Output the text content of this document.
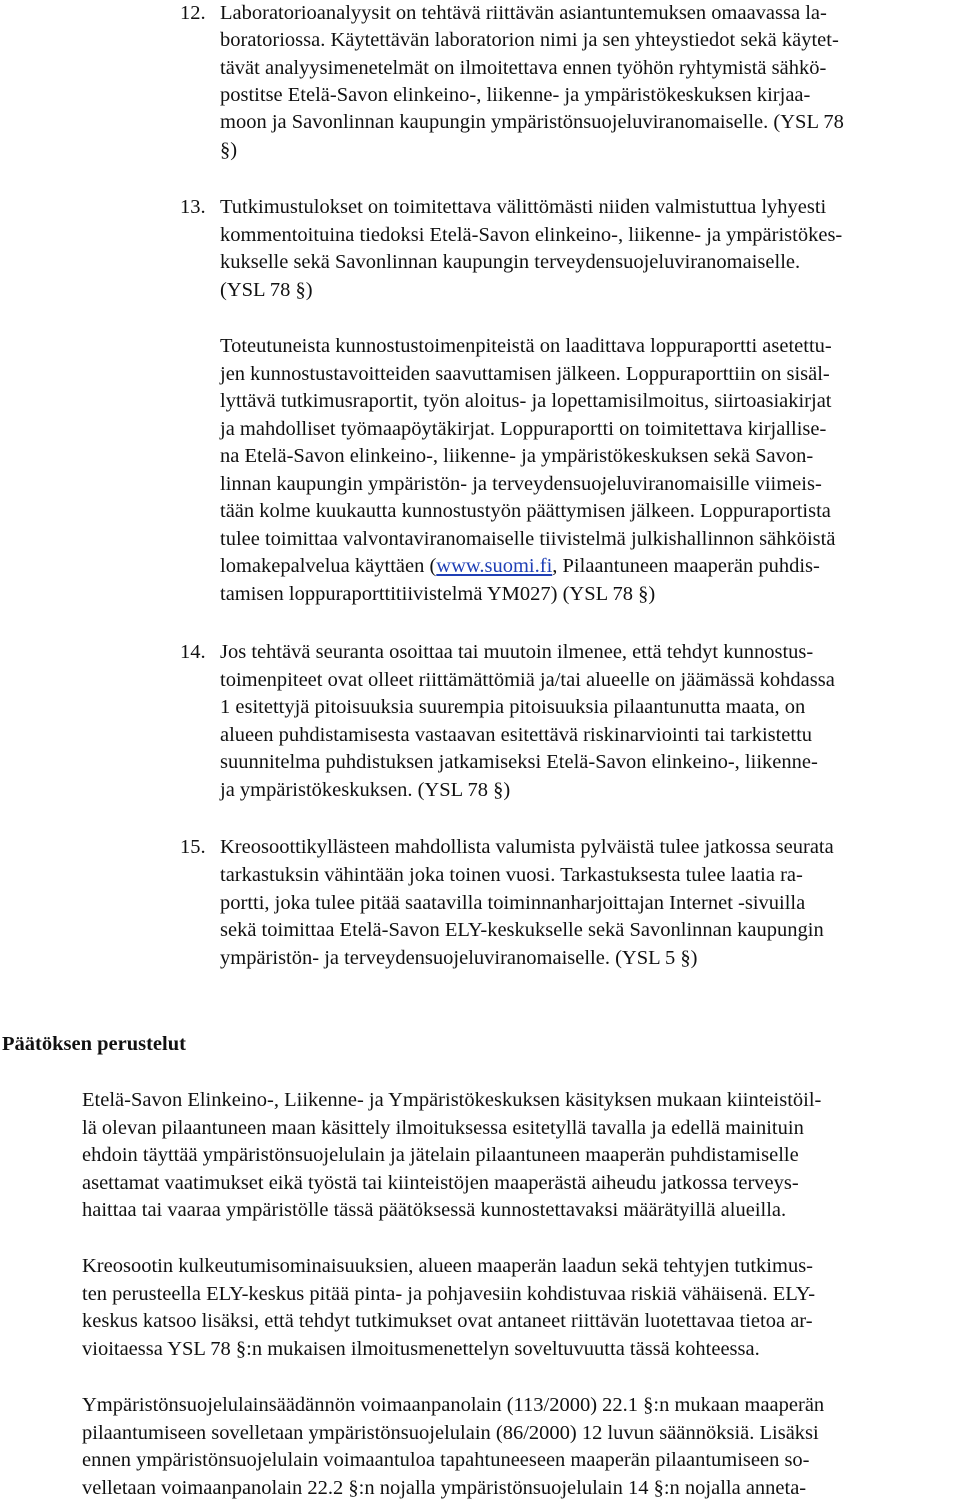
12. Laboratorioanalyysit on tehtävä riittävän asiantuntemuksen omaavassa la-
boratoriossa. Käytettävän laboratorion nimi ja sen yhteystiedot sekä käytet-
tävät analyysimenetelmät on ilmoitettava ennen työhön ryhtymistä sähkö-
postitse Etelä-Savon elinkeino-, liikenne- ja ympäristökeskuksen kirjaa-
moon ja Savonlinnan kaupungin ympäristönsuojeluviranomaiselle. (YSL 78
§)
13. Tutkimustulokset on toimitettava välittömästi niiden valmistuttua lyhyesti
kommentoituina tiedoksi Etelä-Savon elinkeino-, liikenne- ja ympäristökes-
kukselle sekä Savonlinnan kaupungin terveydensuojeluviranomaiselle.
(YSL 78 §)
Toteutuneista kunnostustoimenpiteistä on laadittava loppuraportti asetettu-
jen kunnostustavoitteiden saavuttamisen jälkeen. Loppuraporttiin on sisäl-
lyttävä tutkimusraportit, työn aloitus- ja lopettamisilmoitus, siirtoasiakirjat
ja mahdolliset työmaapöytäkirjat. Loppuraportti on toimitettava kirjallise-
na Etelä-Savon elinkeino-, liikenne- ja ympäristökeskuksen sekä Savon-
linnan kaupungin ympäristön- ja terveydensuojeluviranomaisille viimeis-
tään kolme kuukautta kunnostustyön päättymisen jälkeen. Loppuraportista
tulee toimittaa valvontaviranomaiselle tiivistelmä julkishallinnon sähköistä
lomakepalvelua käyttäen (www.suomi.fi, Pilaantuneen maaperän puhdis-
tamisen loppuraporttitiivistelmä YM027) (YSL 78 §)
14. Jos tehtävä seuranta osoittaa tai muutoin ilmenee, että tehdyt kunnostus-
toimenpiteet ovat olleet riittämättömiä ja/tai alueelle on jäämässä kohdassa
1 esitettyjä pitoisuuksia suurempia pitoisuuksia pilaantunutta maata, on
alueen puhdistamisesta vastaavan esitettävä riskinarviointi tai tarkistettu
suunnitelma puhdistuksen jatkamiseksi Etelä-Savon elinkeino-, liikenne-
ja ympäristökeskuksen. (YSL 78 §)
15. Kreosoottikyllästeen mahdollista valumista pylväistä tulee jatkossa seurata
tarkastuksin vähintään joka toinen vuosi. Tarkastuksesta tulee laatia ra-
portti, joka tulee pitää saatavilla toiminnanharjoittajan Internet -sivuilla
sekä toimittaa Etelä-Savon ELY-keskukselle sekä Savonlinnan kaupungin
ympäristön- ja terveydensuojeluviranomaiselle. (YSL 5 §)
Päätöksen perustelut
Etelä-Savon Elinkeino-, Liikenne- ja Ympäristökeskuksen käsityksen mukaan kiinteistöil-
lä olevan pilaantuneen maan käsittely ilmoituksessa esitetyllä tavalla ja edellä mainituin
ehdoin täyttää ympäristönsuojelulain ja jätelain pilaantuneen maaperän puhdistamiselle
asettamat vaatimukset eikä työstä tai kiinteistöjen maaperästä aiheudu jatkossa terveys-
haittaa tai vaaraa ympäristölle tässä päätöksessä kunnostettavaksi määrätyillä alueilla.
Kreosootin kulkeutumisominaisuuksien, alueen maaperän laadun sekä tehtyjen tutkimus-
ten perusteella ELY-keskus pitää pinta- ja pohjavesiin kohdistuvaa riskiä vähäisenä. ELY-
keskus katsoo lisäksi, että tehdyt tutkimukset ovat antaneet riittävän luotettavaa tietoa ar-
vioitaessa YSL 78 §:n mukaisen ilmoitusmenettelyn soveltuvuutta tässä kohteessa.
Ympäristönsuojelulainsäädännön voimaanpanolain (113/2000) 22.1 §:n mukaan maaperän
pilaantumiseen sovelletaan ympäristönsuojelulain (86/2000) 12 luvun säännöksiä. Lisäksi
ennen ympäristönsuojelulain voimaantuloa tapahtuneeseen maaperän pilaantumiseen so-
velletaan voimaanpanolain 22.2 §:n nojalla ympäristönsuojelulain 14 §:n nojalla anneta-
